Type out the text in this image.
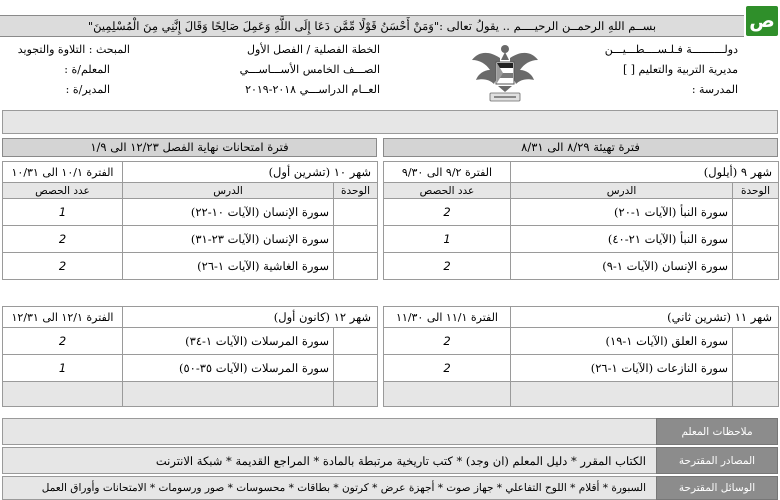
ص
بســم اللهِ الرحمــن الرحيــــم .. يقولُ تعالى :"وَمَنْ أَحْسَنُ قَوْلًا مِّمَّن دَعَا إِلَى اللَّهِ وَعَمِلَ صَالِحًا وَقَالَ إِنَّنِي مِنَ الْمُسْلِمِينَ"
دولــــــــــة فـلـســــطـــيـــن
مديرية التربية والتعليم [ ]
المدرسة :
الخطة الفصلية / الفصل الأول
الصـــف الخامس الأســـاســـي
العــام الدراســـي ٢٠١٨-٢٠١٩
المبحث : التلاوة والتجويد
المعلم/ة :
المدير/ة :
فترة تهيئة ٨/٢٩ الى ٨/٣١
شهر ٩ (أيلول)		الفترة ٩/٢ الى ٩/٣٠
الوحدة	الدرس	عدد الحصص
	سورة النبأ (الآيات ١-٢٠)	2
	سورة النبأ (الآيات ٢١-٤٠)	1
	سورة الإنسان (الآيات ١-٩)	2
فترة امتحانات نهاية الفصل ١٢/٢٣ الى ١/٩
شهر ١٠ (تشرين أول)		الفترة ١٠/١ الى ١٠/٣١
الوحدة	الدرس	عدد الحصص
	سورة الإنسان (الآيات ١٠-٢٢)	1
	سورة الإنسان (الآيات ٢٣-٣١)	2
	سورة الغاشية (الآيات ١-٢٦)	2
شهر ١١ (تشرين ثاني)		الفترة ١١/١ الى ١١/٣٠
	سورة العلق (الآيات ١-١٩)	2
	سورة النازعات (الآيات ١-٢٦)	2

شهر ١٢ (كانون أول)		الفترة ١٢/١ الى ١٢/٣١
	سورة المرسلات (الآيات ١-٣٤)	2
	سورة المرسلات (الآيات ٣٥-٥٠)	1

ملاحظات المعلم
المصادر المقترحة
الكتاب المقرر * دليل المعلم (ان وجد) * كتب تاريخية مرتبطة بالمادة * المراجع القديمة * شبكة الانترنت
الوسائل المقترحة
السبورة * أقلام * اللوح التفاعلي * جهاز صوت * أجهزة عرض * كرتون * بطاقات * محسوسات * صور ورسومات * الامتحانات وأوراق العمل
